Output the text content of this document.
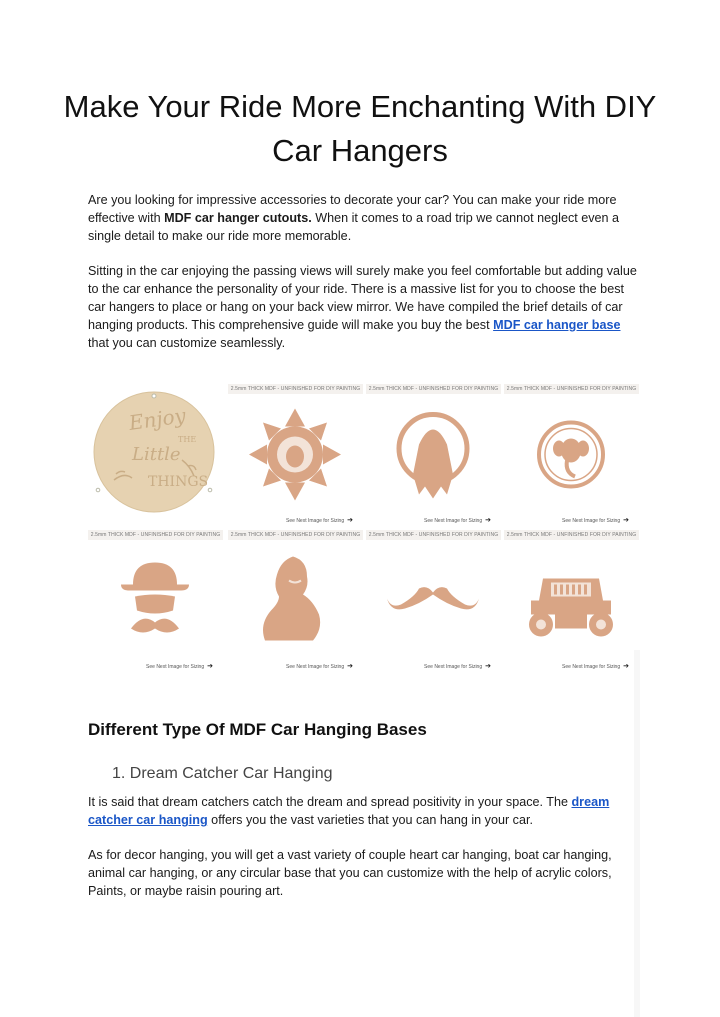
Make Your Ride More Enchanting With DIY Car Hangers

Are you looking for impressive accessories to decorate your car? You can make your ride more effective with MDF car hanger cutouts. When it comes to a road trip we cannot neglect even a single detail to make our ride more memorable.

Sitting in the car enjoying the passing views will surely make you feel comfortable but adding value to the car enhance the personality of your ride. There is a massive list for you to choose the best car hangers to place or hang on your back view mirror. We have compiled the brief details of car hanging products. This comprehensive guide will make you buy the best MDF car hanger base that you can customize seamlessly.

Enjoy
THE
Little
THINGS
2.5mm THICK MDF - UNFINISHED FOR DIY PAINTING
See Next Image for Sizing ➔
2.5mm THICK MDF - UNFINISHED FOR DIY PAINTING
See Next Image for Sizing ➔
2.5mm THICK MDF - UNFINISHED FOR DIY PAINTING
See Next Image for Sizing ➔
2.5mm THICK MDF - UNFINISHED FOR DIY PAINTING
See Next Image for Sizing ➔
2.5mm THICK MDF - UNFINISHED FOR DIY PAINTING
See Next Image for Sizing ➔
2.5mm THICK MDF - UNFINISHED FOR DIY PAINTING
See Next Image for Sizing ➔
2.5mm THICK MDF - UNFINISHED FOR DIY PAINTING
See Next Image for Sizing ➔
Different Type Of MDF Car Hanging Bases
1. Dream Catcher Car Hanging

It is said that dream catchers catch the dream and spread positivity in your space. The dream catcher car hanging offers you the vast varieties that you can hang in your car.

As for decor hanging, you will get a vast variety of couple heart car hanging, boat car hanging, animal car hanging, or any circular base that you can customize with the help of acrylic colors, Paints, or maybe raisin pouring art.
